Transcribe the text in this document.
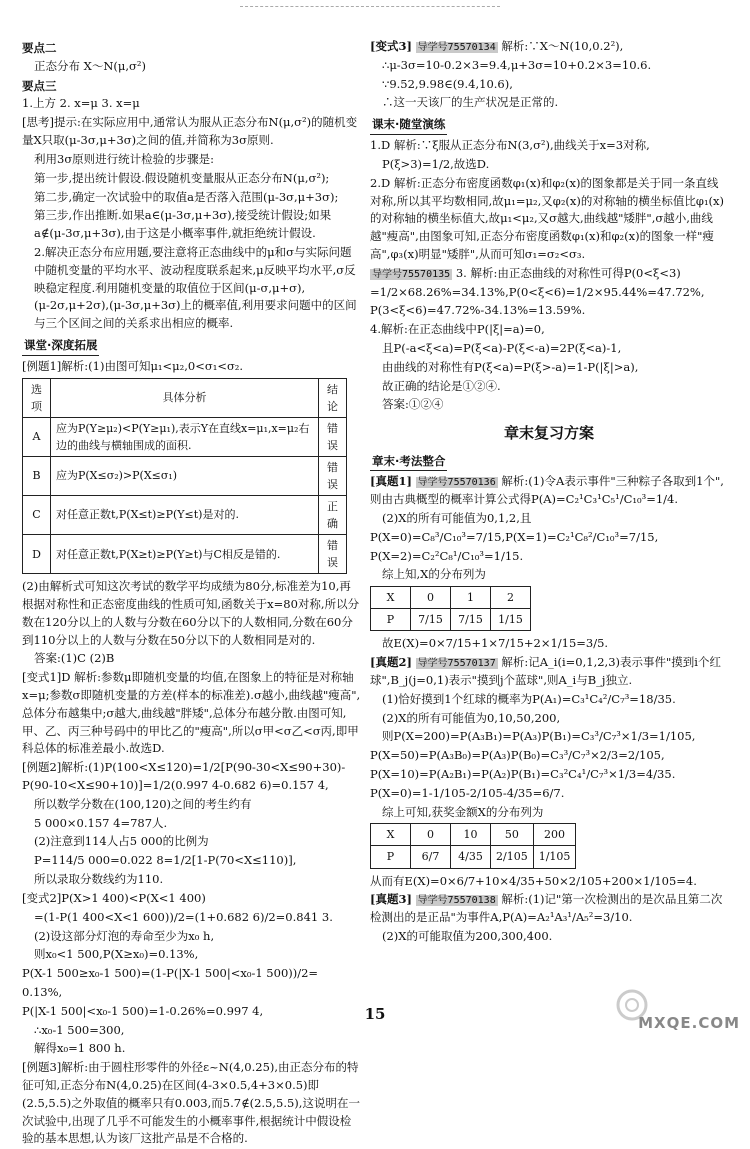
要点二
正态分布 X～N(μ,σ²)
要点三
1.上方 2. x=μ 3. x=μ
[思考]提示:在实际应用中,通常认为服从正态分布N(μ,σ²)的随机变量X只取(μ-3σ,μ+3σ)之间的值,并简称为3σ原则.
利用3σ原则进行统计检验的步骤是:
第一步,提出统计假设.假设随机变量服从正态分布N(μ,σ²);
第二步,确定一次试验中的取值a是否落入范围(μ-3σ,μ+3σ);
第三步,作出推断.如果a∈(μ-3σ,μ+3σ),接受统计假设;如果a∉(μ-3σ,μ+3σ),由于这是小概率事件,就拒绝统计假设.
2.解决正态分布应用题,要注意将正态曲线中的μ和σ与实际问题中随机变量的平均水平、波动程度联系起来,μ反映平均水平,σ反映稳定程度.利用随机变量的取值位于区间(μ-σ,μ+σ),(μ-2σ,μ+2σ),(μ-3σ,μ+3σ)上的概率值,利用要求问题中的区间与三个区间之间的关系求出相应的概率.
课堂·深度拓展
[例题1]解析:(1)由图可知μ₁<μ₂,0<σ₁<σ₂.
选项	具体分析	结论
A	应为P(Y≥μ₂)<P(Y≥μ₁),表示Y在直线x=μ₁,x=μ₂右边的曲线与横轴围成的面积.	错误
B	应为P(X≤σ₂)>P(X≤σ₁)	错误
C	对任意正数t,P(X≤t)≥P(Y≤t)是对的.	正确
D	对任意正数t,P(X≥t)≥P(Y≥t)与C相反是错的.	错误
(2)由解析式可知这次考试的数学平均成绩为80分,标准差为10,再根据对称性和正态密度曲线的性质可知,函数关于x=80对称,所以分数在120分以上的人数与分数在60分以下的人数相同,分数在60分到110分以上的人数与分数在50分以下的人数相同是对的.
答案:(1)C (2)B
[变式1]D 解析:参数μ即随机变量的均值,在图象上的特征是对称轴x=μ;参数σ即随机变量的方差(样本的标准差).σ越小,曲线越"瘦高",总体分布越集中;σ越大,曲线越"胖矮",总体分布越分散.由图可知,甲、乙、丙三种号码中的甲比乙的"瘦高",所以σ甲<σ乙<σ丙,即甲科总体的标准差最小.故选D.
[例题2]解析:(1)P(100<X≤120)=1/2[P(90-30<X≤90+30)-P(90-10<X≤90+10)]=1/2(0.997 4-0.682 6)=0.157 4,
所以数学分数在(100,120)之间的考生约有
5 000×0.157 4=787人.
(2)注意到114人占5 000的比例为
P=114/5 000=0.022 8=1/2[1-P(70<X≤110)],
所以录取分数线约为110.
[变式2]P(X>1 400)<P(X<1 400)
=(1-P(1 400<X<1 600))/2=(1+0.682 6)/2=0.841 3.
(2)设这部分灯泡的寿命至少为x₀ h,
则x₀<1 500,P(X≥x₀)=0.13%,
P(X-1 500≥x₀-1 500)=(1-P(|X-1 500|<x₀-1 500))/2=
0.13%,
P(|X-1 500|<x₀-1 500)=1-0.26%=0.997 4,
∴x₀-1 500=300,
解得x₀=1 800 h.
[例题3]解析:由于圆柱形零件的外径ε~N(4,0.25),由正态分布的特征可知,正态分布N(4,0.25)在区间(4-3×0.5,4+3×0.5)即(2.5,5.5)之外取值的概率只有0.003,而5.7∉(2.5,5.5),这说明在一次试验中,出现了几乎不可能发生的小概率事件,根据统计中假设检验的基本思想,认为该厂这批产品是不合格的.
[变式3] 导学号75570134 解析:∵X～N(10,0.2²),
∴μ-3σ=10-0.2×3=9.4,μ+3σ=10+0.2×3=10.6.
∵9.52,9.98∈(9.4,10.6),
∴这一天该厂的生产状况是正常的.
课末·随堂演练
1.D 解析:∵ξ服从正态分布N(3,σ²),曲线关于x=3对称,
P(ξ>3)=1/2,故选D.
2.D 解析:正态分布密度函数φ₁(x)和φ₂(x)的图象都是关于同一条直线对称,所以其平均数相同,故μ₁=μ₂,又φ₂(x)的对称轴的横坐标值比φ₁(x)的对称轴的横坐标值大,故μ₁<μ₂,又σ越大,曲线越"矮胖",σ越小,曲线越"瘦高",由图象可知,正态分布密度函数φ₁(x)和φ₂(x)的图象一样"瘦高",φ₃(x)明显"矮胖",从而可知σ₁=σ₂<σ₃.
导学号75570135 3. 解析:由正态曲线的对称性可得P(0<ξ<3)
=1/2×68.26%=34.13%,P(0<ξ<6)=1/2×95.44%=47.72%,
P(3<ξ<6)=47.72%-34.13%=13.59%.
4.解析:在正态曲线中P(|ξ|=a)=0,
且P(-a<ξ<a)=P(ξ<a)-P(ξ<-a)=2P(ξ<a)-1,
由曲线的对称性有P(ξ<a)=P(ξ>-a)=1-P(|ξ|>a),
故正确的结论是①②④.
答案:①②④
章末复习方案
章末·考法整合
[真题1] 导学号75570136 解析:(1)令A表示事件"三种粽子各取到1个",则由古典概型的概率计算公式得P(A)=C₂¹C₃¹C₅¹/C₁₀³=1/4.
(2)X的所有可能值为0,1,2,且
P(X=0)=C₈³/C₁₀³=7/15,P(X=1)=C₂¹C₈²/C₁₀³=7/15,
P(X=2)=C₂²C₈¹/C₁₀³=1/15.
综上知,X的分布列为
X	0	1	2
P	7/15	7/15	1/15
故E(X)=0×7/15+1×7/15+2×1/15=3/5.
[真题2] 导学号75570137 解析:记A_i(i=0,1,2,3)表示事件"摸到i个红球",B_j(j=0,1)表示"摸到j个蓝球",则A_i与B_j独立.
(1)恰好摸到1个红球的概率为P(A₁)=C₃¹C₄²/C₇³=18/35.
(2)X的所有可能值为0,10,50,200,
则P(X=200)=P(A₃B₁)=P(A₃)P(B₁)=C₃³/C₇³×1/3=1/105,
P(X=50)=P(A₃B₀)=P(A₃)P(B₀)=C₃³/C₇³×2/3=2/105,
P(X=10)=P(A₂B₁)=P(A₂)P(B₁)=C₃²C₄¹/C₇³×1/3=4/35.
P(X=0)=1-1/105-2/105-4/35=6/7.
综上可知,获奖金额X的分布列为
X	0	10	50	200
P	6/7	4/35	2/105	1/105
从而有E(X)=0×6/7+10×4/35+50×2/105+200×1/105=4.
[真题3] 导学号75570138 解析:(1)记"第一次检测出的是次品且第二次检测出的是正品"为事件A,P(A)=A₂¹A₃¹/A₅²=3/10.
(2)X的可能取值为200,300,400.
15	MXQE.COM
